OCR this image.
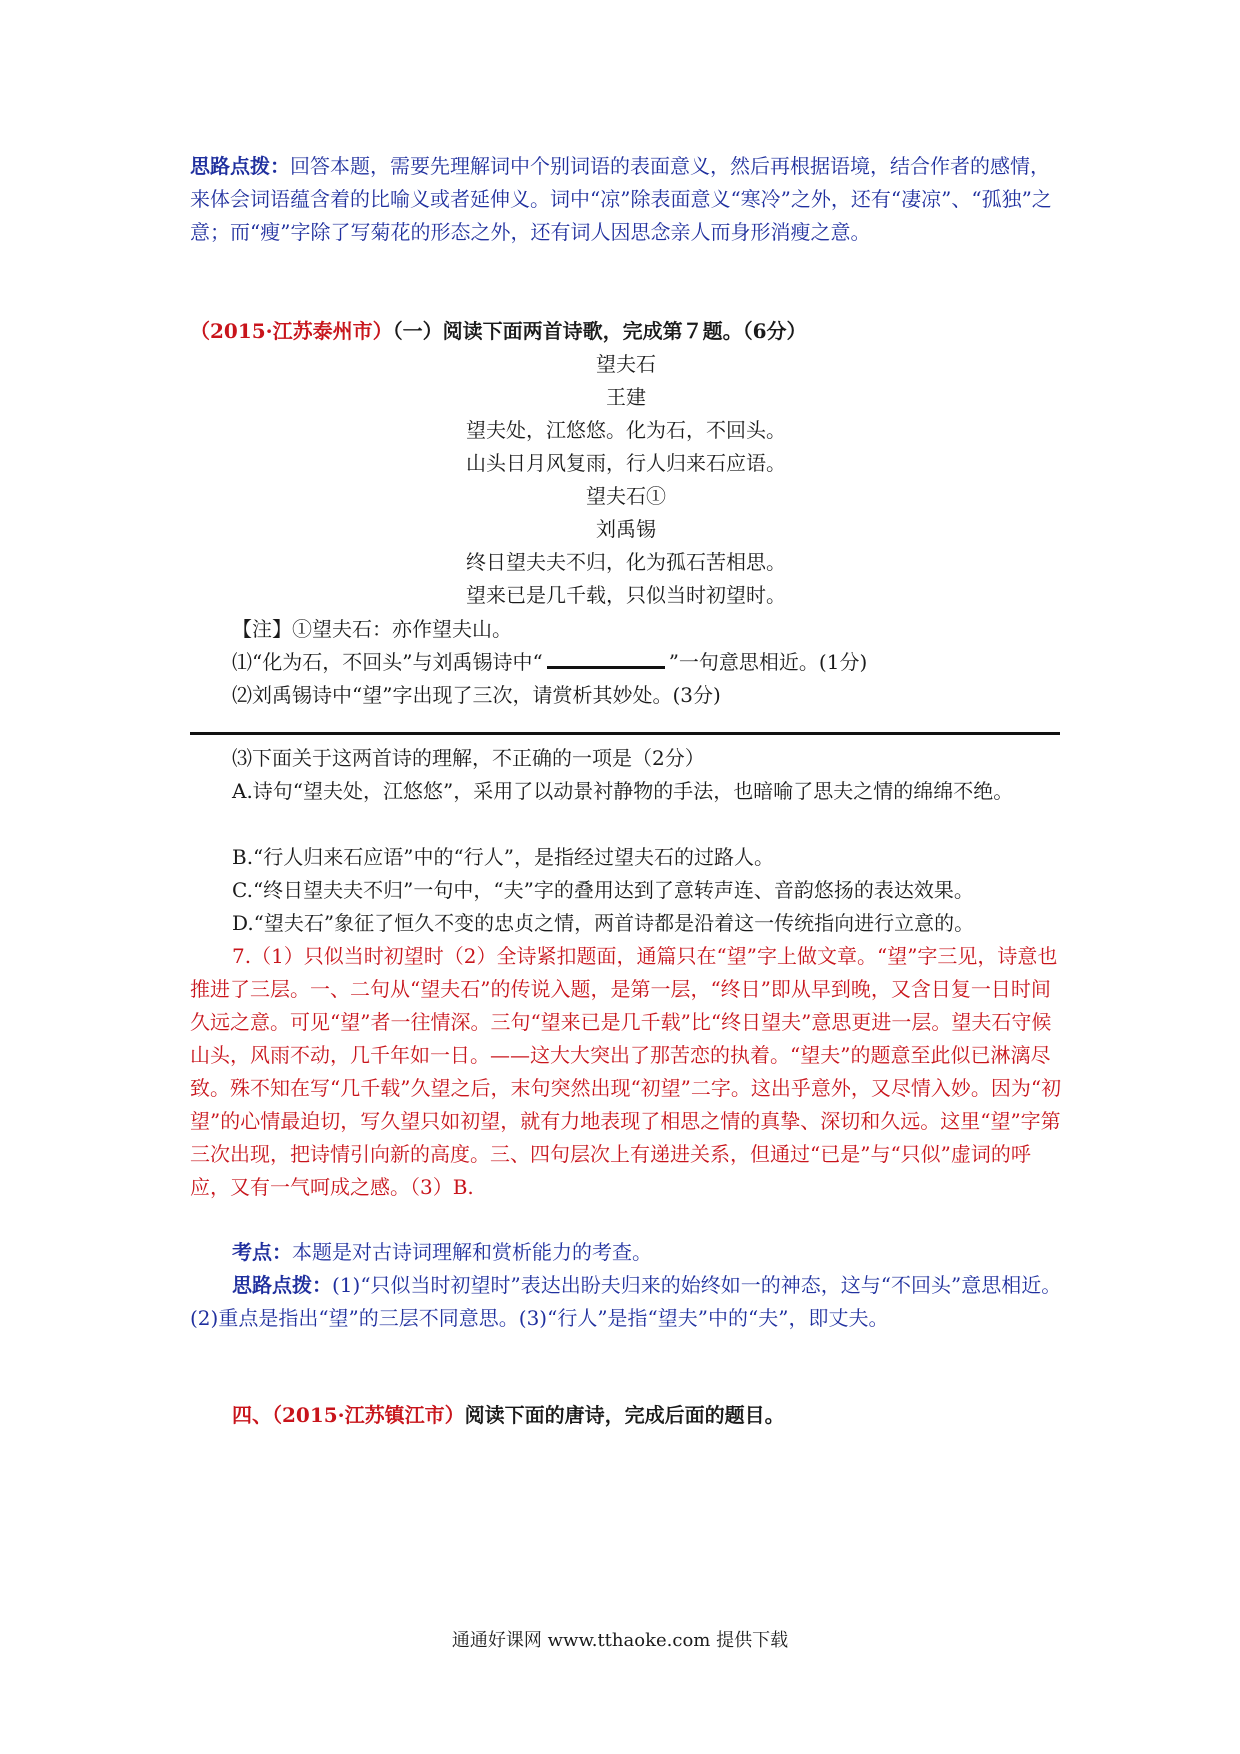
思路点拨：回答本题，需要先理解词中个别词语的表面意义，然后再根据语境，结合作者的感情，来体会词语蕴含着的比喻义或者延伸义。词中“凉”除表面意义“寒冷”之外，还有“凄凉”、“孤独”之意；而“瘦”字除了写菊花的形态之外，还有词人因思念亲人而身形消瘦之意。

（2015·江苏泰州市）（一）阅读下面两首诗歌，完成第７题。（6分）

望夫石
王建
望夫处，江悠悠。化为石，不回头。
山头日月风复雨，行人归来石应语。
望夫石①
刘禹锡
终日望夫夫不归，化为孤石苦相思。
望来已是几千载，只似当时初望时。

【注】①望夫石：亦作望夫山。

⑴“化为石，不回头”与刘禹锡诗中“	”一句意思相近。(1分)

⑵刘禹锡诗中“望”字出现了三次，请赏析其妙处。(3分)

⑶下面关于这两首诗的理解，不正确的一项是（2分）

A.诗句“望夫处，江悠悠”，采用了以动景衬静物的手法，也暗喻了思夫之情的绵绵不绝。

B.“行人归来石应语”中的“行人”，是指经过望夫石的过路人。

C.“终日望夫夫不归”一句中，“夫”字的叠用达到了意转声连、音韵悠扬的表达效果。

D.“望夫石”象征了恒久不变的忠贞之情，两首诗都是沿着这一传统指向进行立意的。

7.（1）只似当时初望时（2）全诗紧扣题面，通篇只在“望”字上做文章。“望”字三见，诗意也推进了三层。一、二句从“望夫石”的传说入题，是第一层，“终日”即从早到晚，又含日复一日时间久远之意。可见“望”者一往情深。三句“望来已是几千载”比“终日望夫”意思更进一层。望夫石守候山头，风雨不动，几千年如一日。——这大大突出了那苦恋的执着。“望夫”的题意至此似已淋漓尽致。殊不知在写“几千载”久望之后，末句突然出现“初望”二字。这出乎意外，又尽情入妙。因为“初望”的心情最迫切，写久望只如初望，就有力地表现了相思之情的真挚、深切和久远。这里“望”字第三次出现，把诗情引向新的高度。三、四句层次上有递进关系，但通过“已是”与“只似”虚词的呼应，又有一气呵成之感。（3）B.

考点：本题是对古诗词理解和赏析能力的考查。

思路点拨：(1)“只似当时初望时”表达出盼夫归来的始终如一的神态，这与“不回头”意思相近。(2)重点是指出“望”的三层不同意思。(3)“行人”是指“望夫”中的“夫”，即丈夫。

四、（2015·江苏镇江市）阅读下面的唐诗，完成后面的题目。

通通好课网 www.tthaoke.com 提供下载
